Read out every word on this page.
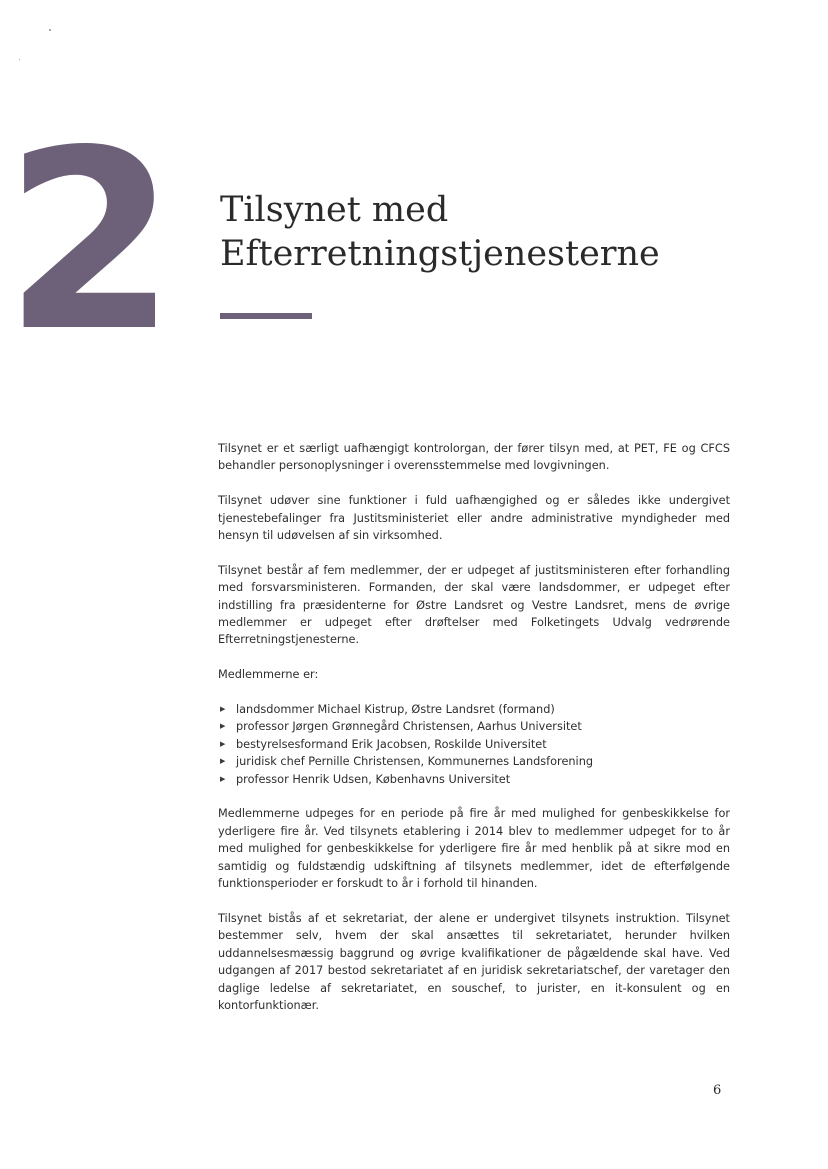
2 Tilsynet med
Efterretningstjenesterne

Tilsynet er et særligt uafhængigt kontrolorgan, der fører tilsyn med, at PET, FE og CFCS behandler personoplysninger i overensstemmelse med lovgivningen.

Tilsynet udøver sine funktioner i fuld uafhængighed og er således ikke undergivet tjenestebefalinger fra Justitsministeriet eller andre administrative myndigheder med hensyn til udøvelsen af sin virksomhed.

Tilsynet består af fem medlemmer, der er udpeget af justitsministeren efter forhandling med forsvarsministeren. Formanden, der skal være landsdommer, er udpeget efter indstilling fra præsidenterne for Østre Landsret og Vestre Landsret, mens de øvrige medlemmer er udpeget efter drøftelser med Folketingets Udvalg vedrørende Efterretningstjenesterne.

Medlemmerne er:

▶ landsdommer Michael Kistrup, Østre Landsret (formand)
▶ professor Jørgen Grønnegård Christensen, Aarhus Universitet
▶ bestyrelsesformand Erik Jacobsen, Roskilde Universitet
▶ juridisk chef Pernille Christensen, Kommunernes Landsforening
▶ professor Henrik Udsen, Københavns Universitet

Medlemmerne udpeges for en periode på fire år med mulighed for genbeskikkelse for yderligere fire år. Ved tilsynets etablering i 2014 blev to medlemmer udpeget for to år med mulighed for genbeskikkelse for yderligere fire år med henblik på at sikre mod en samtidig og fuldstændig udskiftning af tilsynets medlemmer, idet de efterfølgende funktionsperioder er forskudt to år i forhold til hinanden.

Tilsynet bistås af et sekretariat, der alene er undergivet tilsynets instruktion. Tilsynet bestemmer selv, hvem der skal ansættes til sekretariatet, herunder hvilken uddannelsesmæssig baggrund og øvrige kvalifikationer de pågældende skal have. Ved udgangen af 2017 bestod sekretariatet af en juridisk sekretariatschef, der varetager den daglige ledelse af sekretariatet, en souschef, to jurister, en it-konsulent og en kontorfunktionær.

6
